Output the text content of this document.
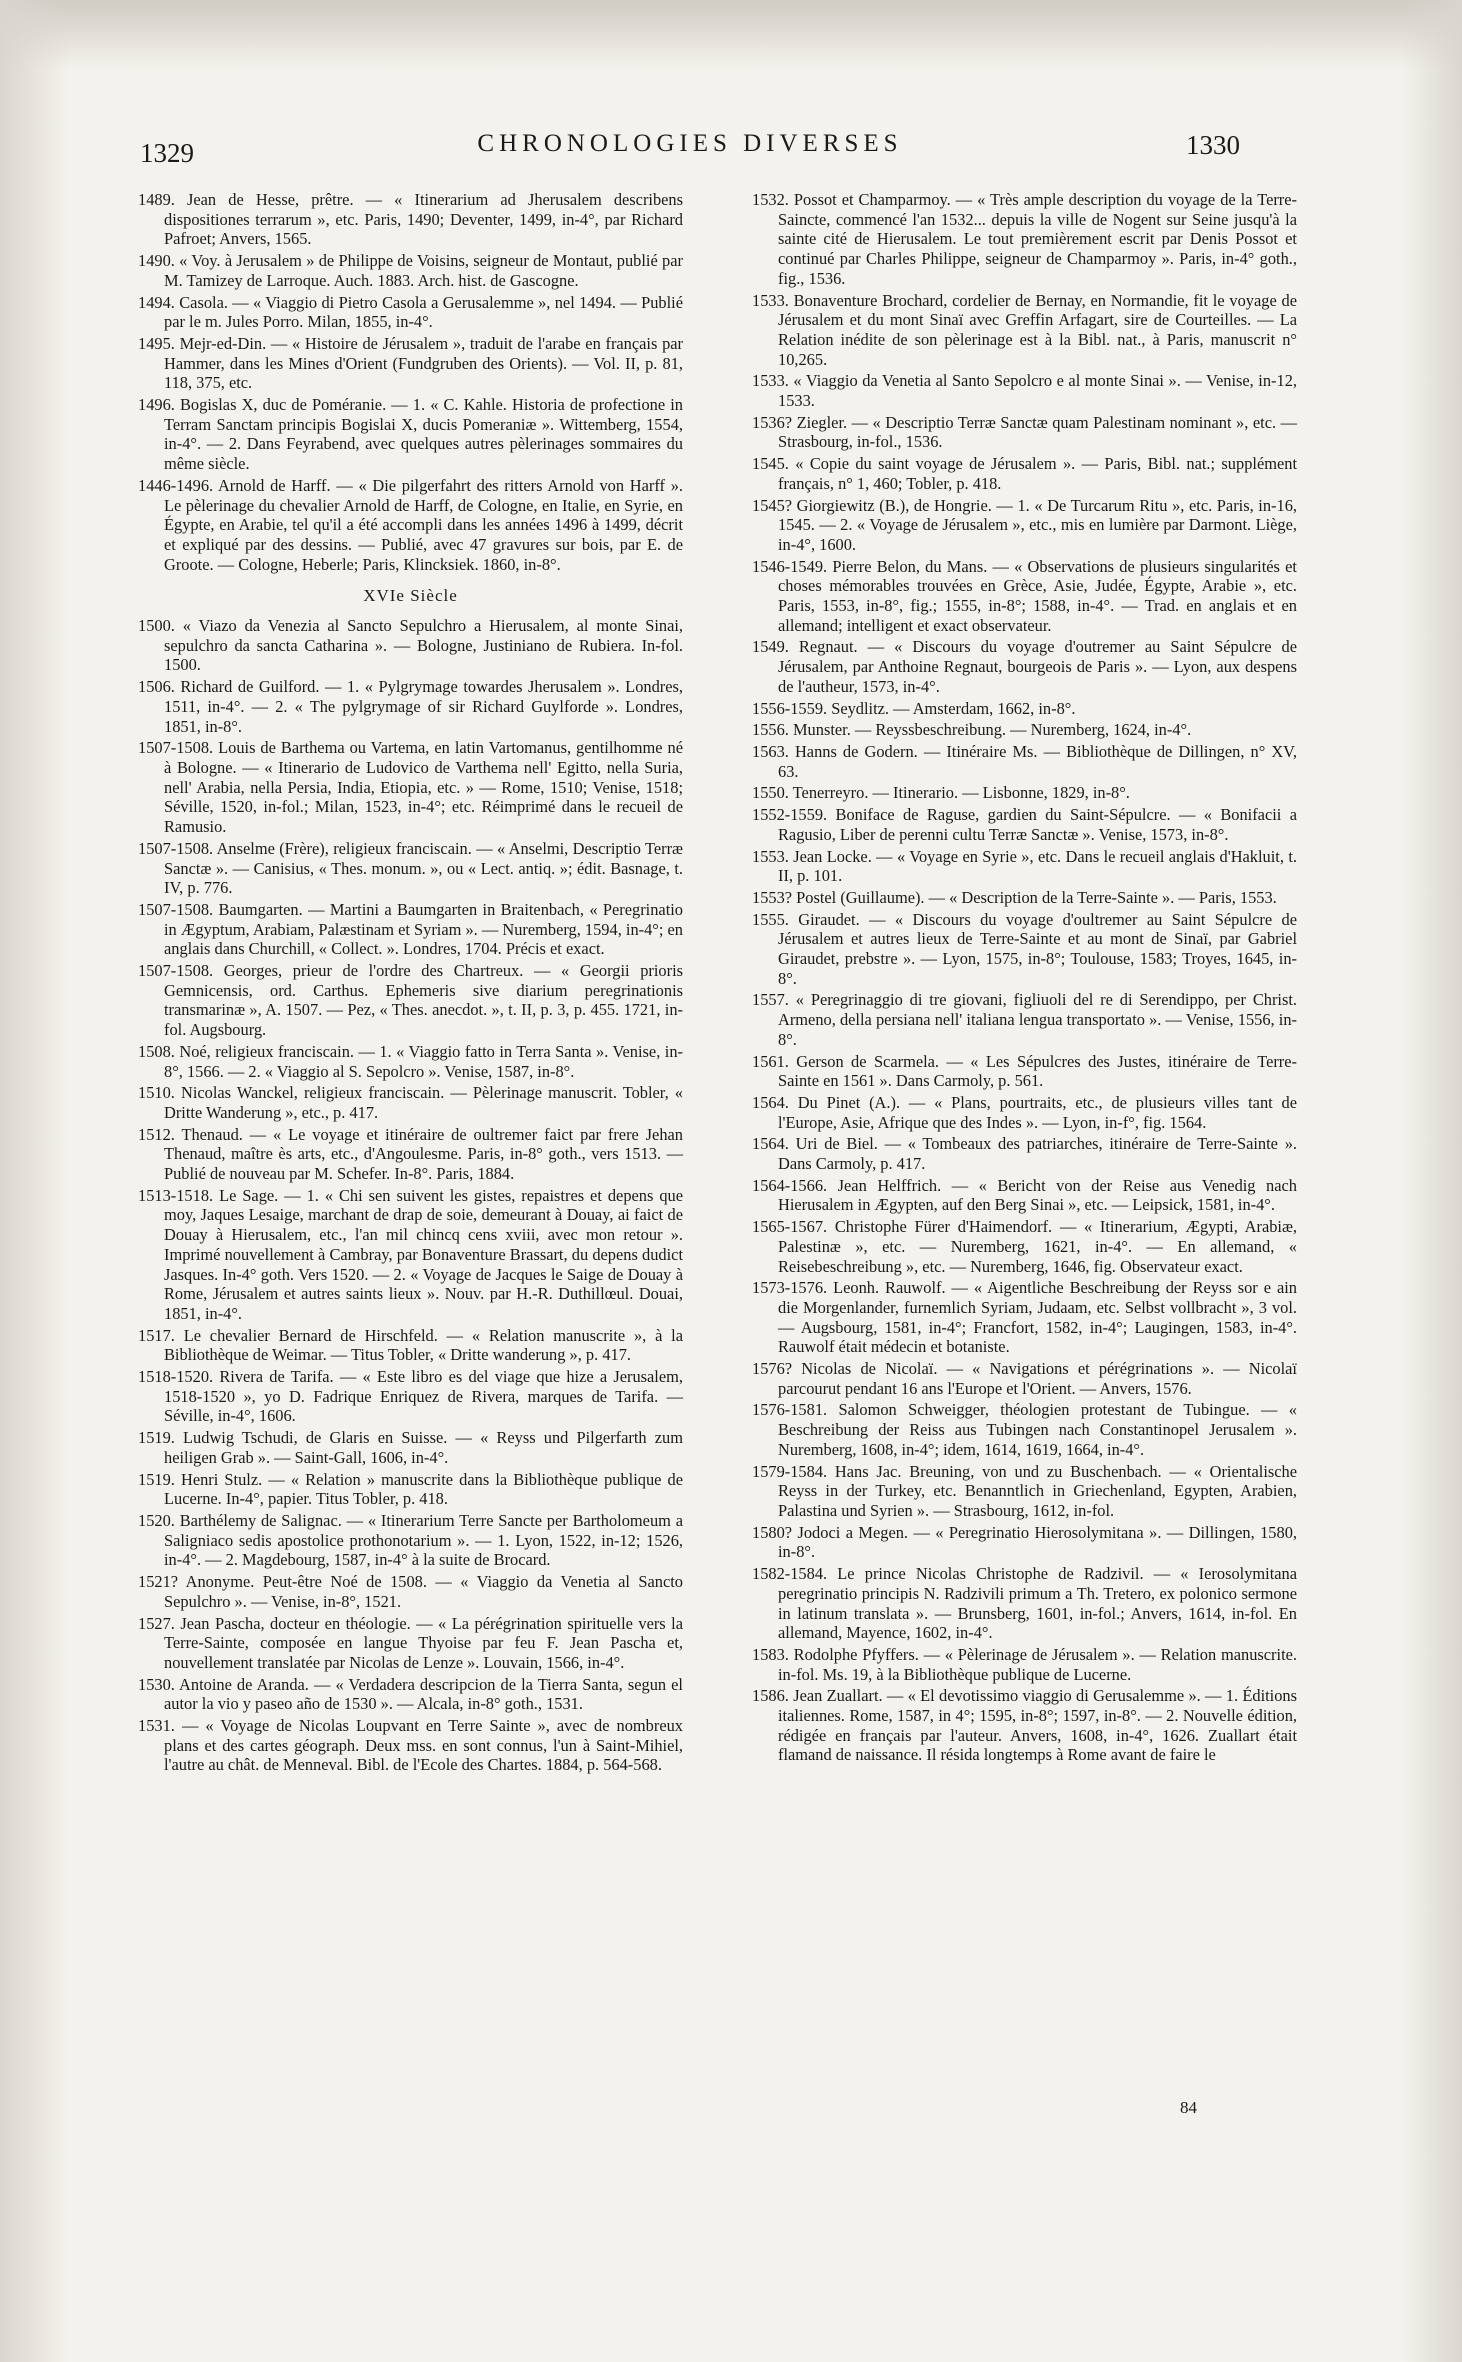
1329	CHRONOLOGIES DIVERSES	1330

1489. Jean de Hesse, prêtre. — « Itinerarium ad Jherusalem describens dispositiones terrarum », etc. Paris, 1490; Deventer, 1499, in-4°, par Richard Pafroet; Anvers, 1565.

1490. « Voy. à Jerusalem » de Philippe de Voisins, seigneur de Montaut, publié par M. Tamizey de Larroque. Auch. 1883. Arch. hist. de Gascogne.

1494. Casola. — « Viaggio di Pietro Casola a Gerusalemme », nel 1494. — Publié par le m. Jules Porro. Milan, 1855, in-4°.

1495. Mejr-ed-Din. — « Histoire de Jérusalem », traduit de l'arabe en français par Hammer, dans les Mines d'Orient (Fundgruben des Orients). — Vol. II, p. 81, 118, 375, etc.

1496. Bogislas X, duc de Poméranie. — 1. « C. Kahle. Historia de profectione in Terram Sanctam principis Bogislai X, ducis Pomeraniæ ». Wittemberg, 1554, in-4°. — 2. Dans Feyrabend, avec quelques autres pèlerinages sommaires du même siècle.

1446-1496. Arnold de Harff. — « Die pilgerfahrt des ritters Arnold von Harff ». Le pèlerinage du chevalier Arnold de Harff, de Cologne, en Italie, en Syrie, en Égypte, en Arabie, tel qu'il a été accompli dans les années 1496 à 1499, décrit et expliqué par des dessins. — Publié, avec 47 gravures sur bois, par E. de Groote. — Cologne, Heberle; Paris, Klincksiek. 1860, in-8°.

XVIe Siècle

1500. « Viazo da Venezia al Sancto Sepulchro a Hierusalem, al monte Sinai, sepulchro da sancta Catharina ». — Bologne, Justiniano de Rubiera. In-fol. 1500.

1506. Richard de Guilford. — 1. « Pylgrymage towardes Jherusalem ». Londres, 1511, in-4°. — 2. « The pylgrymage of sir Richard Guylforde ». Londres, 1851, in-8°.

1507-1508. Louis de Barthema ou Vartema, en latin Vartomanus, gentilhomme né à Bologne. — « Itinerario de Ludovico de Varthema nell' Egitto, nella Suria, nell' Arabia, nella Persia, India, Etiopia, etc. » — Rome, 1510; Venise, 1518; Séville, 1520, in-fol.; Milan, 1523, in-4°; etc. Réimprimé dans le recueil de Ramusio.

1507-1508. Anselme (Frère), religieux franciscain. — « Anselmi, Descriptio Terræ Sanctæ ». — Canisius, « Thes. monum. », ou « Lect. antiq. »; édit. Basnage, t. IV, p. 776.

1507-1508. Baumgarten. — Martini a Baumgarten in Braitenbach, « Peregrinatio in Ægyptum, Arabiam, Palæstinam et Syriam ». — Nuremberg, 1594, in-4°; en anglais dans Churchill, « Collect. ». Londres, 1704. Précis et exact.

1507-1508. Georges, prieur de l'ordre des Chartreux. — « Georgii prioris Gemnicensis, ord. Carthus. Ephemeris sive diarium peregrinationis transmarinæ », A. 1507. — Pez, « Thes. anecdot. », t. II, p. 3, p. 455. 1721, in-fol. Augsbourg.

1508. Noé, religieux franciscain. — 1. « Viaggio fatto in Terra Santa ». Venise, in-8°, 1566. — 2. « Viaggio al S. Sepolcro ». Venise, 1587, in-8°.

1510. Nicolas Wanckel, religieux franciscain. — Pèlerinage manuscrit. Tobler, « Dritte Wanderung », etc., p. 417.

1512. Thenaud. — « Le voyage et itinéraire de oultremer faict par frere Jehan Thenaud, maître ès arts, etc., d'Angoulesme. Paris, in-8° goth., vers 1513. — Publié de nouveau par M. Schefer. In-8°. Paris, 1884.

1513-1518. Le Sage. — 1. « Chi sen suivent les gistes, repaistres et depens que moy, Jaques Lesaige, marchant de drap de soie, demeurant à Douay, ai faict de Douay à Hierusalem, etc., l'an mil chincq cens xviii, avec mon retour ». Imprimé nouvellement à Cambray, par Bonaventure Brassart, du depens dudict Jasques. In-4° goth. Vers 1520. — 2. « Voyage de Jacques le Saige de Douay à Rome, Jérusalem et autres saints lieux ». Nouv. par H.-R. Duthillœul. Douai, 1851, in-4°.

1517. Le chevalier Bernard de Hirschfeld. — « Relation manuscrite », à la Bibliothèque de Weimar. — Titus Tobler, « Dritte wanderung », p. 417.

1518-1520. Rivera de Tarifa. — « Este libro es del viage que hize a Jerusalem, 1518-1520 », yo D. Fadrique Enriquez de Rivera, marques de Tarifa. — Séville, in-4°, 1606.

1519. Ludwig Tschudi, de Glaris en Suisse. — « Reyss und Pilgerfarth zum heiligen Grab ». — Saint-Gall, 1606, in-4°.

1519. Henri Stulz. — « Relation » manuscrite dans la Bibliothèque publique de Lucerne. In-4°, papier. Titus Tobler, p. 418.

1520. Barthélemy de Salignac. — « Itinerarium Terre Sancte per Bartholomeum a Saligniaco sedis apostolice prothonotarium ». — 1. Lyon, 1522, in-12; 1526, in-4°. — 2. Magdebourg, 1587, in-4° à la suite de Brocard.

1521? Anonyme. Peut-être Noé de 1508. — « Viaggio da Venetia al Sancto Sepulchro ». — Venise, in-8°, 1521.

1527. Jean Pascha, docteur en théologie. — « La pérégrination spirituelle vers la Terre-Sainte, composée en langue Thyoise par feu F. Jean Pascha et, nouvellement translatée par Nicolas de Lenze ». Louvain, 1566, in-4°.

1530. Antoine de Aranda. — « Verdadera descripcion de la Tierra Santa, segun el autor la vio y paseo año de 1530 ». — Alcala, in-8° goth., 1531.

1531. — « Voyage de Nicolas Loupvant en Terre Sainte », avec de nombreux plans et des cartes géograph. Deux mss. en sont connus, l'un à Saint-Mihiel, l'autre au chât. de Menneval. Bibl. de l'Ecole des Chartes. 1884, p. 564-568.

1532. Possot et Champarmoy. — « Très ample description du voyage de la Terre-Saincte, commencé l'an 1532... depuis la ville de Nogent sur Seine jusqu'à la sainte cité de Hierusalem. Le tout premièrement escrit par Denis Possot et continué par Charles Philippe, seigneur de Champarmoy ». Paris, in-4° goth., fig., 1536.

1533. Bonaventure Brochard, cordelier de Bernay, en Normandie, fit le voyage de Jérusalem et du mont Sinaï avec Greffin Arfagart, sire de Courteilles. — La Relation inédite de son pèlerinage est à la Bibl. nat., à Paris, manuscrit n° 10,265.

1533. « Viaggio da Venetia al Santo Sepolcro e al monte Sinai ». — Venise, in-12, 1533.

1536? Ziegler. — « Descriptio Terræ Sanctæ quam Palestinam nominant », etc. — Strasbourg, in-fol., 1536.

1545. « Copie du saint voyage de Jérusalem ». — Paris, Bibl. nat.; supplément français, n° 1, 460; Tobler, p. 418.

1545? Giorgiewitz (B.), de Hongrie. — 1. « De Turcarum Ritu », etc. Paris, in-16, 1545. — 2. « Voyage de Jérusalem », etc., mis en lumière par Darmont. Liège, in-4°, 1600.

1546-1549. Pierre Belon, du Mans. — « Observations de plusieurs singularités et choses mémorables trouvées en Grèce, Asie, Judée, Égypte, Arabie », etc. Paris, 1553, in-8°, fig.; 1555, in-8°; 1588, in-4°. — Trad. en anglais et en allemand; intelligent et exact observateur.

1549. Regnaut. — « Discours du voyage d'outremer au Saint Sépulcre de Jérusalem, par Anthoine Regnaut, bourgeois de Paris ». — Lyon, aux despens de l'autheur, 1573, in-4°.

1556-1559. Seydlitz. — Amsterdam, 1662, in-8°.

1556. Munster. — Reyssbeschreibung. — Nuremberg, 1624, in-4°.

1563. Hanns de Godern. — Itinéraire Ms. — Bibliothèque de Dillingen, n° XV, 63.

1550. Tenerreyro. — Itinerario. — Lisbonne, 1829, in-8°.

1552-1559. Boniface de Raguse, gardien du Saint-Sépulcre. — « Bonifacii a Ragusio, Liber de perenni cultu Terræ Sanctæ ». Venise, 1573, in-8°.

1553. Jean Locke. — « Voyage en Syrie », etc. Dans le recueil anglais d'Hakluit, t. II, p. 101.

1553? Postel (Guillaume). — « Description de la Terre-Sainte ». — Paris, 1553.

1555. Giraudet. — « Discours du voyage d'oultremer au Saint Sépulcre de Jérusalem et autres lieux de Terre-Sainte et au mont de Sinaï, par Gabriel Giraudet, prebstre ». — Lyon, 1575, in-8°; Toulouse, 1583; Troyes, 1645, in-8°.

1557. « Peregrinaggio di tre giovani, figliuoli del re di Serendippo, per Christ. Armeno, della persiana nell' italiana lengua transportato ». — Venise, 1556, in-8°.

1561. Gerson de Scarmela. — « Les Sépulcres des Justes, itinéraire de Terre-Sainte en 1561 ». Dans Carmoly, p. 561.

1564. Du Pinet (A.). — « Plans, pourtraits, etc., de plusieurs villes tant de l'Europe, Asie, Afrique que des Indes ». — Lyon, in-f°, fig. 1564.

1564. Uri de Biel. — « Tombeaux des patriarches, itinéraire de Terre-Sainte ». Dans Carmoly, p. 417.

1564-1566. Jean Helffrich. — « Bericht von der Reise aus Venedig nach Hierusalem in Ægypten, auf den Berg Sinai », etc. — Leipsick, 1581, in-4°.

1565-1567. Christophe Fürer d'Haimendorf. — « Itinerarium, Ægypti, Arabiæ, Palestinæ », etc. — Nuremberg, 1621, in-4°. — En allemand, « Reisebeschreibung », etc. — Nuremberg, 1646, fig. Observateur exact.

1573-1576. Leonh. Rauwolf. — « Aigentliche Beschreibung der Reyss sor e ain die Morgenlander, furnemlich Syriam, Judaam, etc. Selbst vollbracht », 3 vol. — Augsbourg, 1581, in-4°; Francfort, 1582, in-4°; Laugingen, 1583, in-4°. Rauwolf était médecin et botaniste.

1576? Nicolas de Nicolaï. — « Navigations et pérégrinations ». — Nicolaï parcourut pendant 16 ans l'Europe et l'Orient. — Anvers, 1576.

1576-1581. Salomon Schweigger, théologien protestant de Tubingue. — « Beschreibung der Reiss aus Tubingen nach Constantinopel Jerusalem ». Nuremberg, 1608, in-4°; idem, 1614, 1619, 1664, in-4°.

1579-1584. Hans Jac. Breuning, von und zu Buschenbach. — « Orientalische Reyss in der Turkey, etc. Benanntlich in Griechenland, Egypten, Arabien, Palastina und Syrien ». — Strasbourg, 1612, in-fol.

1580? Jodoci a Megen. — « Peregrinatio Hierosolymitana ». — Dillingen, 1580, in-8°.

1582-1584. Le prince Nicolas Christophe de Radzivil. — « Ierosolymitana peregrinatio principis N. Radzivili primum a Th. Tretero, ex polonico sermone in latinum translata ». — Brunsberg, 1601, in-fol.; Anvers, 1614, in-fol. En allemand, Mayence, 1602, in-4°.

1583. Rodolphe Pfyffers. — « Pèlerinage de Jérusalem ». — Relation manuscrite. in-fol. Ms. 19, à la Bibliothèque publique de Lucerne.

1586. Jean Zuallart. — « El devotissimo viaggio di Gerusalemme ». — 1. Éditions italiennes. Rome, 1587, in 4°; 1595, in-8°; 1597, in-8°. — 2. Nouvelle édition, rédigée en français par l'auteur. Anvers, 1608, in-4°, 1626. Zuallart était flamand de naissance. Il résida longtemps à Rome avant de faire le

84
